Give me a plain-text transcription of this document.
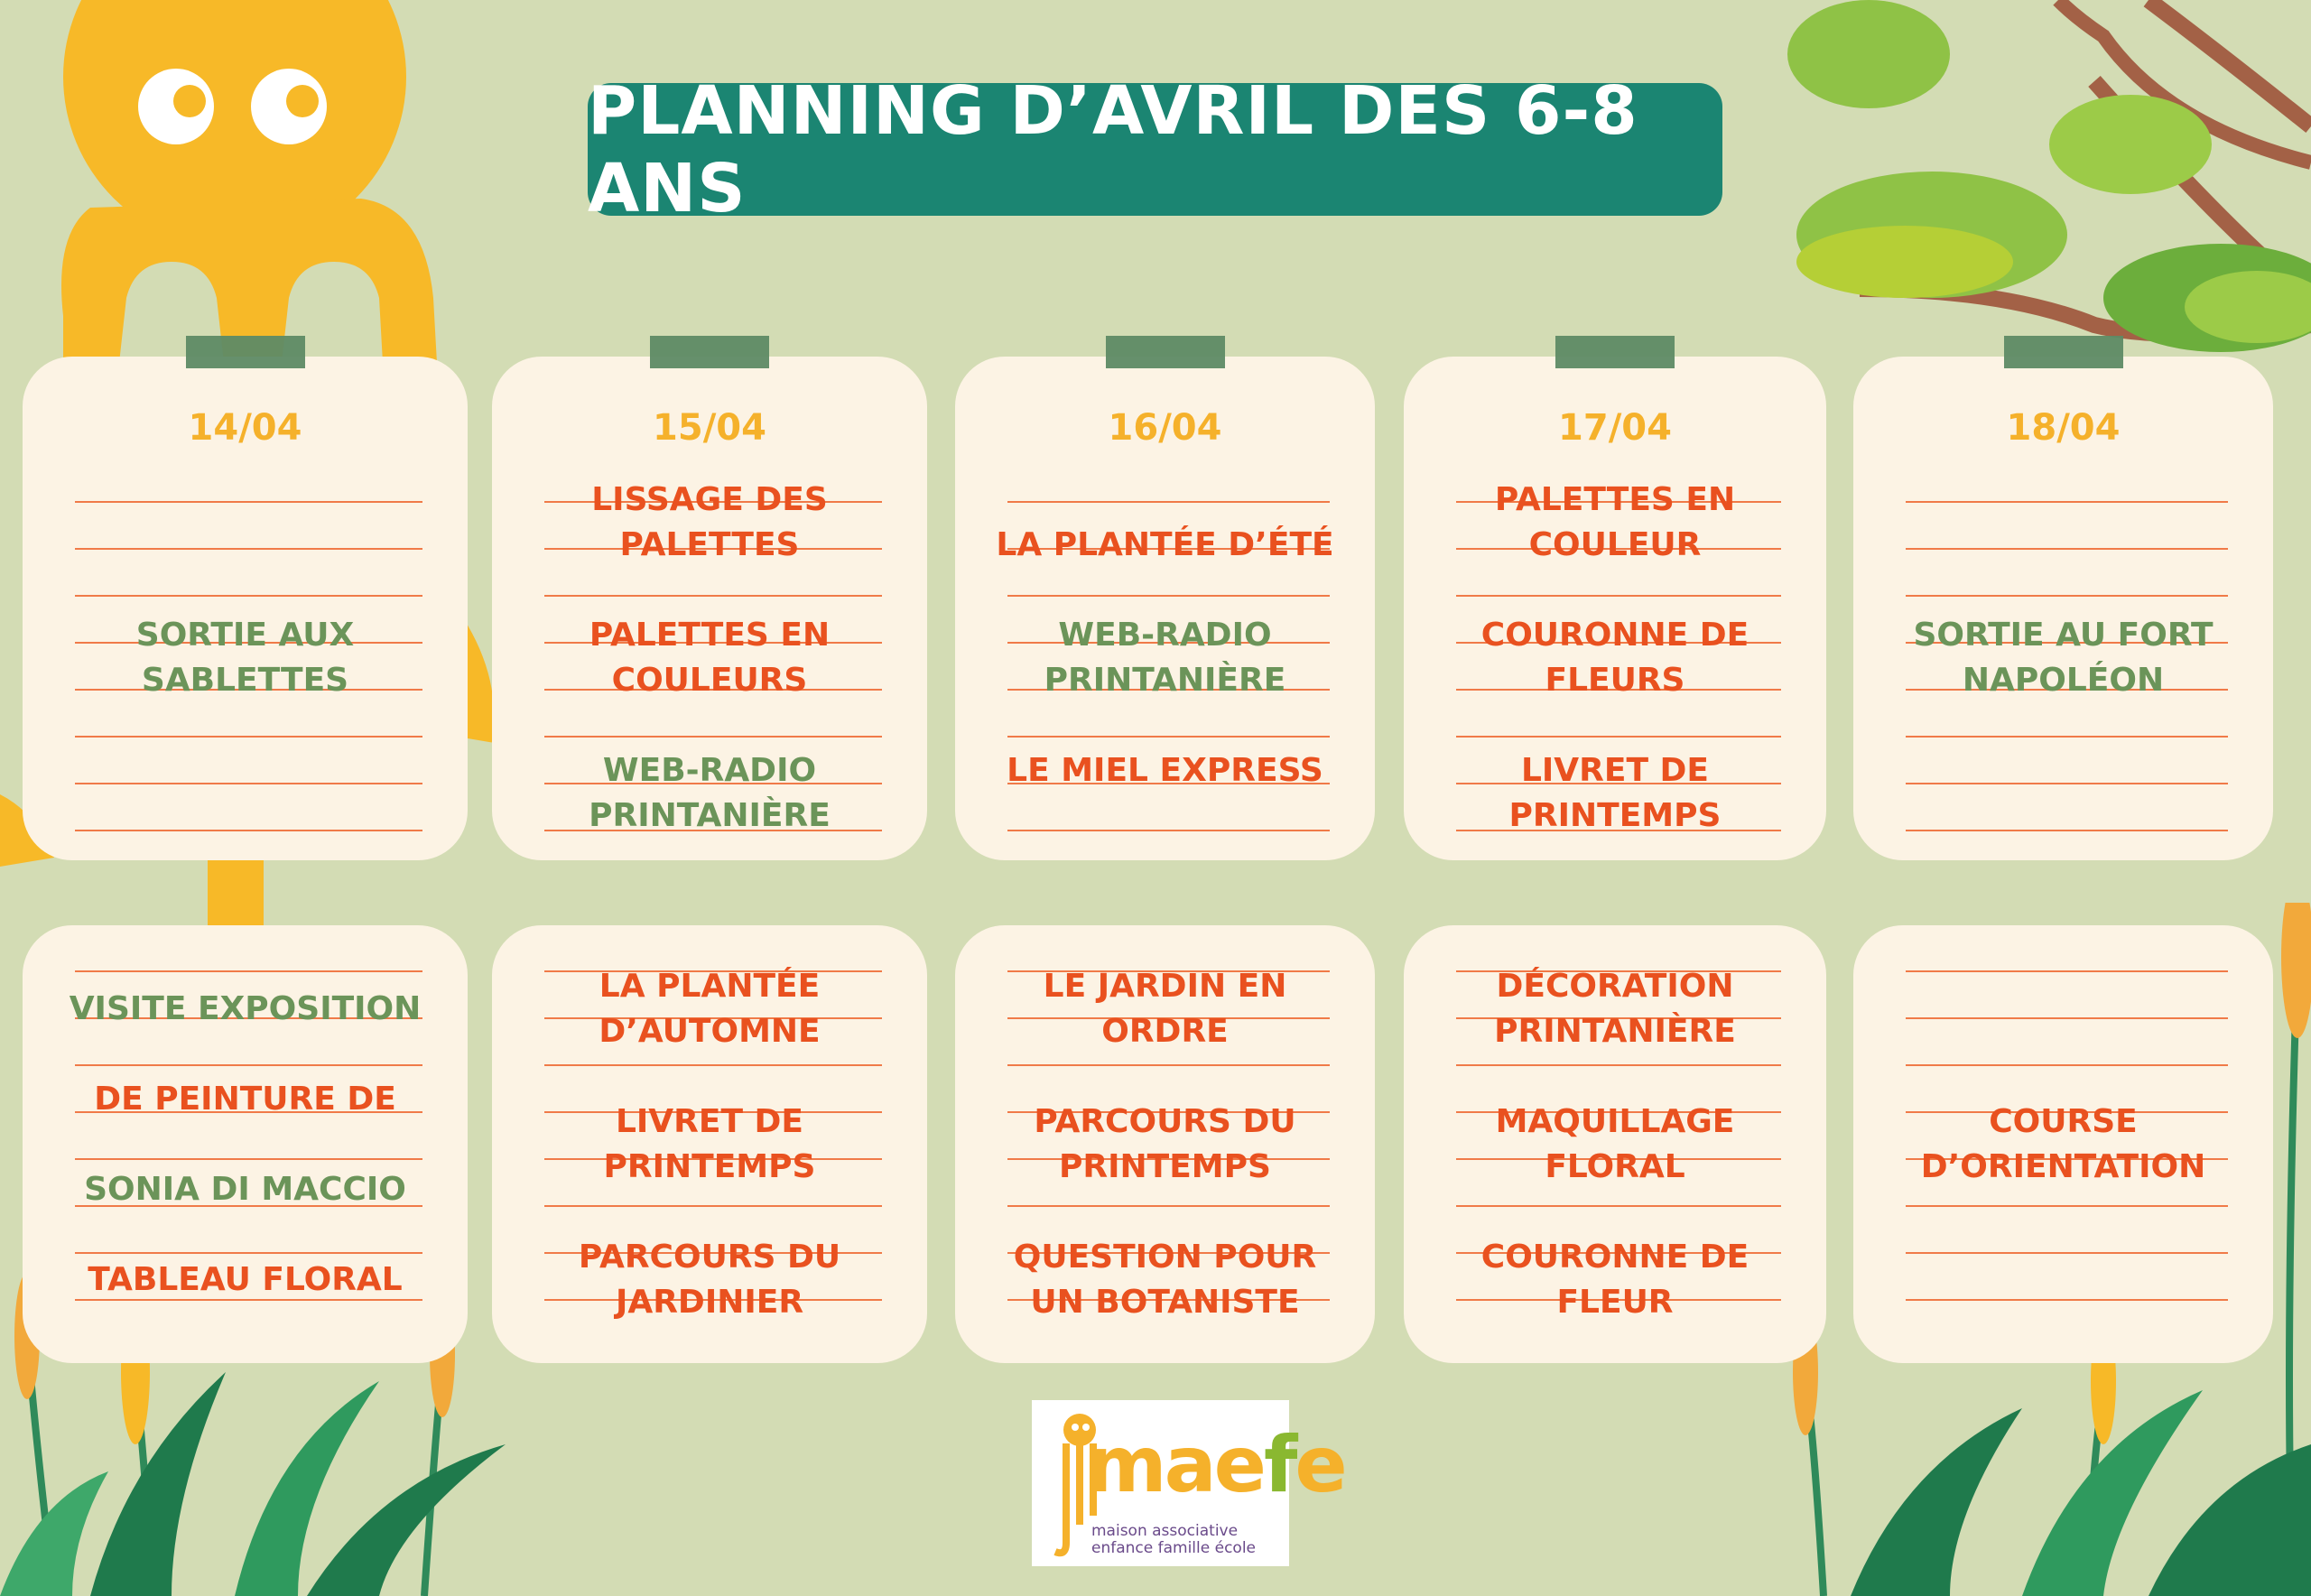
PLANNING D’AVRIL DES 6-8 ANS
14/04
SORTIE AUX
SABLETTES
VISITE EXPOSITION
DE PEINTURE DE
SONIA DI MACCIO
TABLEAU FLORAL
15/04
LISSAGE DES
PALETTES
PALETTES EN
COULEURS
WEB-RADIO
PRINTANIÈRE
LA PLANTÉE
D’AUTOMNE
LIVRET DE
PRINTEMPS
PARCOURS DU
JARDINIER
16/04
LA PLANTÉE D’ÉTÉ
WEB-RADIO
PRINTANIÈRE
LE MIEL EXPRESS
LE JARDIN EN
ORDRE
PARCOURS DU
PRINTEMPS
QUESTION POUR
UN BOTANISTE
17/04
PALETTES EN
COULEUR
COURONNE DE
FLEURS
LIVRET DE
PRINTEMPS
DÉCORATION
PRINTANIÈRE
MAQUILLAGE
FLORAL
COURONNE DE
FLEUR
18/04
SORTIE AU FORT
NAPOLÉON
COURSE
D’ORIENTATION
maefe
maison associative enfance famille école
